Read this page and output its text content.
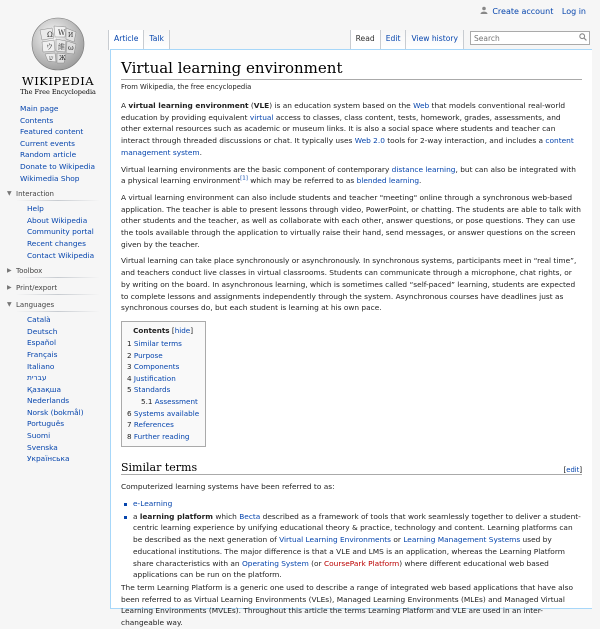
Create account Log in
Ω W И
ウ 維 ω
ש Ж
WIKIPEDIA
The Free Encyclopedia
Article	Talk	Read	Edit	View history
Search
Main page
Contents
Featured content
Current events
Random article
Donate to Wikipedia
Wikimedia Shop
▼ Interaction
Help
About Wikipedia
Community portal
Recent changes
Contact Wikipedia
▶ Toolbox
▶ Print/export
▼ Languages
Català
Deutsch
Español
Français
Italiano
עברית
Қазақша
Nederlands
Norsk (bokmål)
Português
Suomi
Svenska
Українська
Virtual learning environment
From Wikipedia, the free encyclopedia

A virtual learning environment (VLE) is an education system based on the Web that models conventional real-world education by providing equivalent virtual access to classes, class content, tests, homework, grades, assessments, and other external resources such as academic or museum links. It is also a social space where students and teacher can interact through threaded discussions or chat. It typically uses Web 2.0 tools for 2-way interaction, and includes a content management system.

Virtual learning environments are the basic component of contemporary distance learning, but can also be integrated with a physical learning environment[1] which may be referred to as blended learning.

A virtual learning environment can also include students and teacher "meeting" online through a synchronous web-based application. The teacher is able to present lessons through video, PowerPoint, or chatting. The students are able to talk with other students and the teacher, as well as collaborate with each other, answer questions, or pose questions. They can use the tools available through the application to virtually raise their hand, send messages, or answer questions on the screen given by the teacher.

Virtual learning can take place synchronously or asynchronously. In synchronous systems, participants meet in “real time”, and teachers conduct live classes in virtual classrooms. Students can communicate through a microphone, chat rights, or by writing on the board. In asynchronous learning, which is sometimes called “self-paced” learning, students are expected to complete lessons and assignments independently through the system. Asynchronous courses have deadlines just as synchronous courses do, but each student is learning at his own pace.

Contents [hide]
1 Similar terms
2 Purpose
3 Components
4 Justification
5 Standards
5.1 Assessment
6 Systems available
7 References
8 Further reading
Similar terms	[edit]

Computerized learning systems have been referred to as:

e-Learning
a learning platform which Becta described as a framework of tools that work seamlessly together to deliver a student-centric learning experience by unifying educational theory & practice, technology and content. Learning platforms can be described as the next generation of Virtual Learning Environments or Learning Management Systems used by educational institutions. The major difference is that a VLE and LMS is an application, whereas the Learning Platform share characteristics with an Operating System (or CoursePark Platform) where different educational web based applications can be run on the platform.

The term Learning Platform is a generic one used to describe a range of integrated web based applications that have also been referred to as Virtual Learning Environments (VLEs), Managed Learning Environments (MLEs) and Managed Virtual Learning Environments (MVLEs). Throughout this article the terms Learning Platform and VLE are used in an inter-changeable way.
